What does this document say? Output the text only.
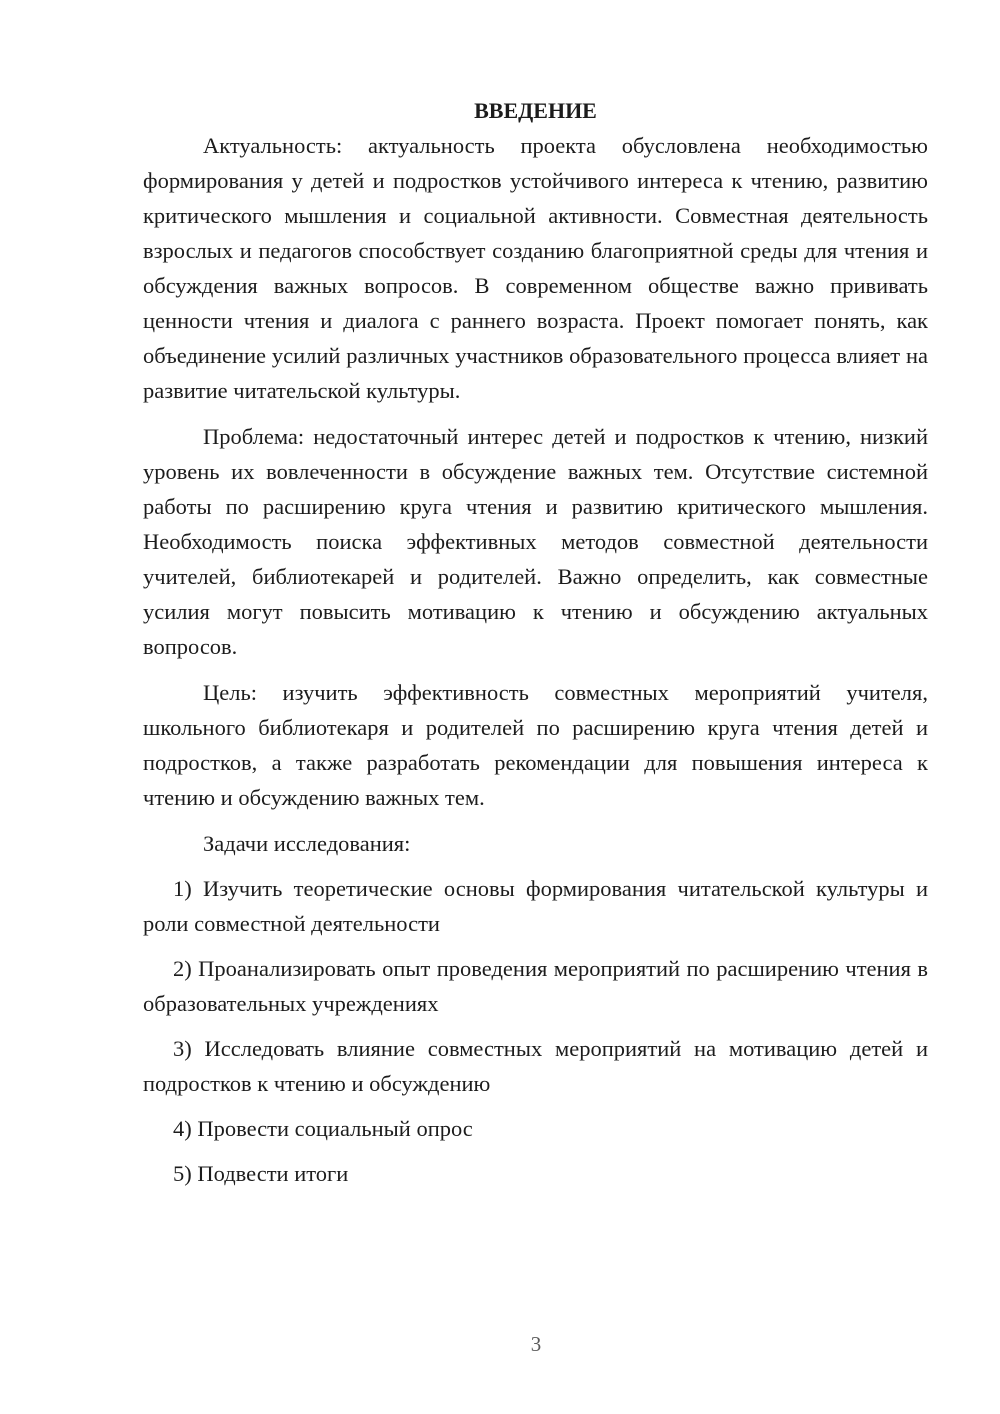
ВВЕДЕНИЕ

Актуальность: актуальность проекта обусловлена необходимостью формирования у детей и подростков устойчивого интереса к чтению, развитию критического мышления и социальной активности. Совместная деятельность взрослых и педагогов способствует созданию благоприятной среды для чтения и обсуждения важных вопросов. В современном обществе важно прививать ценности чтения и диалога с раннего возраста. Проект помогает понять, как объединение усилий различных участников образовательного процесса влияет на развитие читательской культуры.

Проблема: недостаточный интерес детей и подростков к чтению, низкий уровень их вовлеченности в обсуждение важных тем. Отсутствие системной работы по расширению круга чтения и развитию критического мышления. Необходимость поиска эффективных методов совместной деятельности учителей, библиотекарей и родителей. Важно определить, как совместные усилия могут повысить мотивацию к чтению и обсуждению актуальных вопросов.

Цель: изучить эффективность совместных мероприятий учителя, школьного библиотекаря и родителей по расширению круга чтения детей и подростков, а также разработать рекомендации для повышения интереса к чтению и обсуждению важных тем.

Задачи исследования:

1) Изучить теоретические основы формирования читательской культуры и роли совместной деятельности

2) Проанализировать опыт проведения мероприятий по расширению чтения в образовательных учреждениях

3) Исследовать влияние совместных мероприятий на мотивацию детей и подростков к чтению и обсуждению

4) Провести социальный опрос

5) Подвести итоги

3
